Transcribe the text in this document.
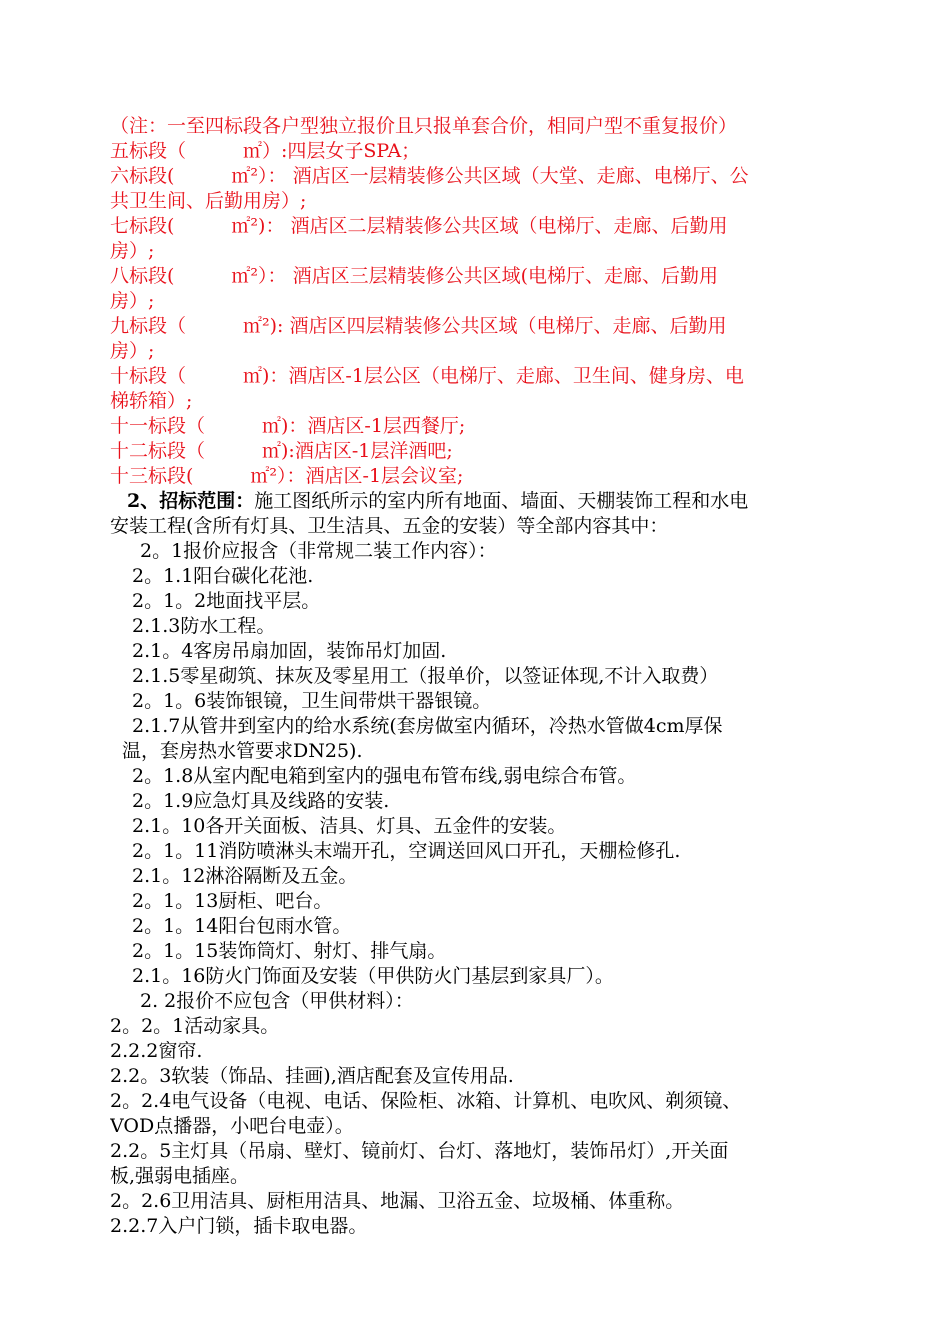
（注：一至四标段各户型独立报价且只报单套合价，相同户型不重复报价）
五标段（　　　㎡）:四层女子SPA；
六标段(　　　㎡²）： 酒店区一层精装修公共区域（大堂、走廊、电梯厅、公
共卫生间、后勤用房）;
七标段(　　　㎡²)： 酒店区二层精装修公共区域（电梯厅、走廊、后勤用
房）;
八标段(　　　㎡²）： 酒店区三层精装修公共区域(电梯厅、走廊、后勤用
房）;
九标段（　　　㎡²): 酒店区四层精装修公共区域（电梯厅、走廊、后勤用
房）;
十标段（　　　㎡)：酒店区-1层公区（电梯厅、走廊、卫生间、健身房、电
梯轿箱）;
十一标段（　　　㎡)：酒店区-1层西餐厅;
十二标段（　　　㎡):酒店区-1层洋酒吧;
十三标段(　　　㎡²）：酒店区-1层会议室;
2、招标范围：施工图纸所示的室内所有地面、墙面、天棚装饰工程和水电
安装工程(含所有灯具、卫生洁具、五金的安装）等全部内容其中：
2。1报价应报含（非常规二装工作内容）：
2。1.1阳台碳化花池.
2。1。2地面找平层。
2.1.3防水工程。
2.1。4客房吊扇加固，装饰吊灯加固.
2.1.5零星砌筑、抹灰及零星用工（报单价，以签证体现,不计入取费）
2。1。6装饰银镜，卫生间带烘干器银镜。
2.1.7从管井到室内的给水系统(套房做室内循环，冷热水管做4cm厚保
温，套房热水管要求DN25).
2。1.8从室内配电箱到室内的强电布管布线,弱电综合布管。
2。1.9应急灯具及线路的安装.
2.1。10各开关面板、洁具、灯具、五金件的安装。
2。1。11消防喷淋头末端开孔，空调送回风口开孔，天棚检修孔.
2.1。12淋浴隔断及五金。
2。1。13厨柜、吧台。
2。1。14阳台包雨水管。
2。1。15装饰筒灯、射灯、排气扇。
2.1。16防火门饰面及安装（甲供防火门基层到家具厂）。
2. 2报价不应包含（甲供材料）：
2。2。1活动家具。
2.2.2窗帘.
2.2。3软装（饰品、挂画),酒店配套及宣传用品.
2。2.4电气设备（电视、电话、保险柜、冰箱、计算机、电吹风、剃须镜、
VOD点播器，小吧台电壶）。
2.2。5主灯具（吊扇、壁灯、镜前灯、台灯、落地灯，装饰吊灯）,开关面
板,强弱电插座。
2。2.6卫用洁具、厨柜用洁具、地漏、卫浴五金、垃圾桶、体重称。
2.2.7入户门锁，插卡取电器。
